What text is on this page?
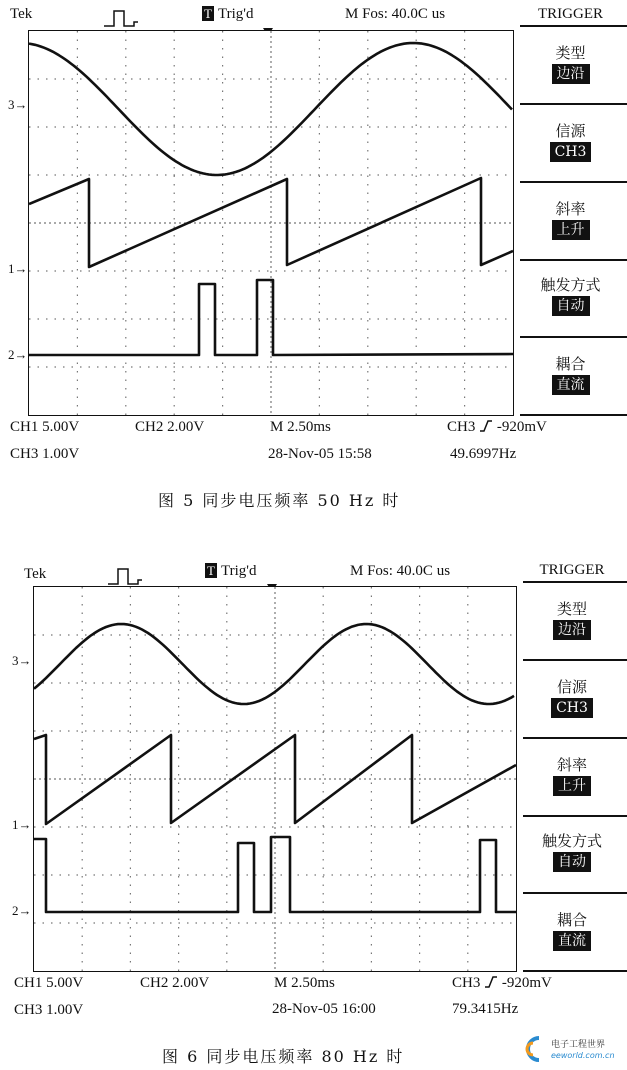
Tek	T Trig'd	M Fos: 40.0C us
3→
1→
2→
TRIGGER
类型
边沿
信源
CH3
斜率
上升
触发方式
自动
耦合
直流
CH1 5.00V	CH2 2.00V	M 2.50ms	CH3 -920mV
CH3 1.00V	28-Nov-05 15:58	49.6997Hz
图 5 同步电压频率 50 Hz 时
Tek	T Trig'd	M Fos: 40.0C us
3→
1→
2→
TRIGGER
类型
边沿
信源
CH3
斜率
上升
触发方式
自动
耦合
直流
CH1 5.00V	CH2 2.00V	M 2.50ms	CH3 -920mV
CH3 1.00V	28-Nov-05 16:00	79.3415Hz
图 6 同步电压频率 80 Hz 时
电子工程世界
eeworld.com.cn
